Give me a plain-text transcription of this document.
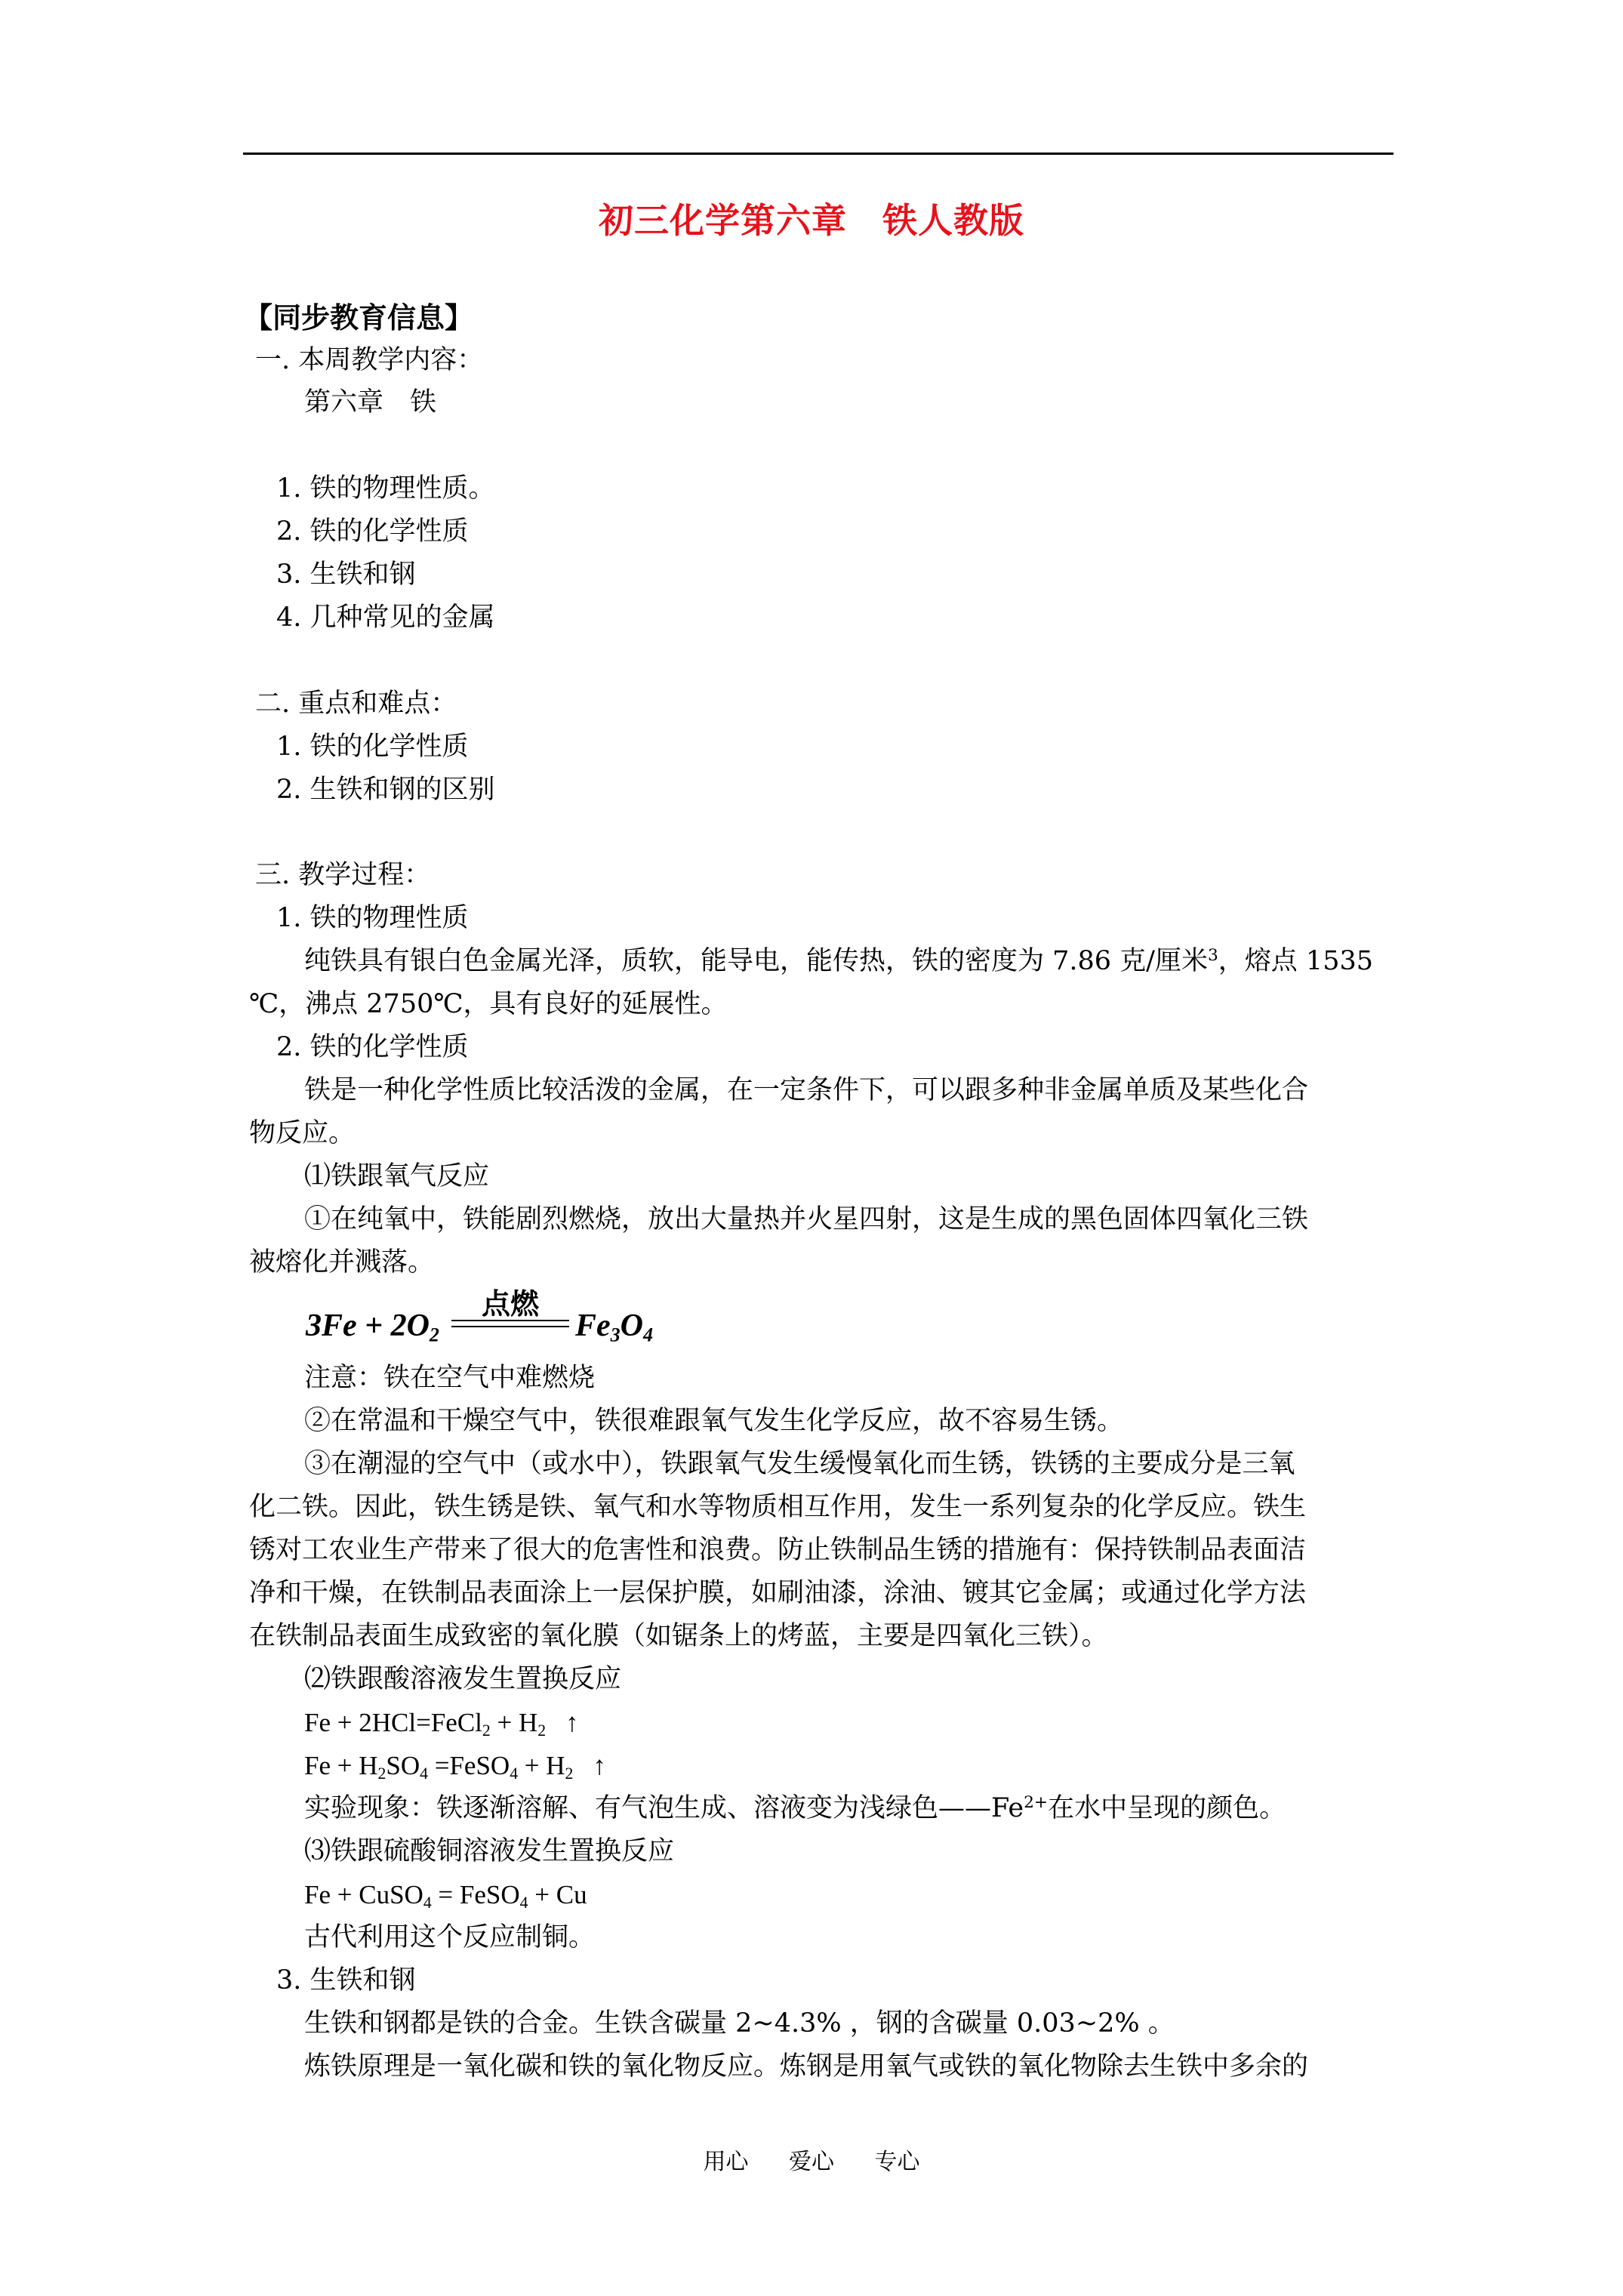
初三化学第六章　铁人教版
【同步教育信息】
一. 本周教学内容：
第六章　铁
1. 铁的物理性质。
2. 铁的化学性质
3. 生铁和钢
4. 几种常见的金属
二. 重点和难点：
1. 铁的化学性质
2. 生铁和钢的区别
三. 教学过程：
1. 铁的物理性质
纯铁具有银白色金属光泽，质软，能导电，能传热，铁的密度为 7.86 克/厘米$^3$，熔点 1535
℃，沸点 2750℃，具有良好的延展性。
2. 铁的化学性质
铁是一种化学性质比较活泼的金属，在一定条件下，可以跟多种非金属单质及某些化合
物反应。
⑴铁跟氧气反应
①在纯氧中，铁能剧烈燃烧，放出大量热并火星四射，这是生成的黑色固体四氧化三铁
被熔化并溅落。
$3Fe + 2O_2$
点燃
$Fe_3O_4$
注意：铁在空气中难燃烧
②在常温和干燥空气中，铁很难跟氧气发生化学反应，故不容易生锈。
③在潮湿的空气中（或水中），铁跟氧气发生缓慢氧化而生锈，铁锈的主要成分是三氧
化二铁。因此，铁生锈是铁、氧气和水等物质相互作用，发生一系列复杂的化学反应。铁生
锈对工农业生产带来了很大的危害性和浪费。防止铁制品生锈的措施有：保持铁制品表面洁
净和干燥，在铁制品表面涂上一层保护膜，如刷油漆，涂油、镀其它金属；或通过化学方法
在铁制品表面生成致密的氧化膜（如锯条上的烤蓝，主要是四氧化三铁）。
⑵铁跟酸溶液发生置换反应
Fe + 2HCl=FeCl$_2$ + $H_2$ ↑
$Fe + H_2SO_4$ =FeSO$_4$ + $H_2$ ↑
实验现象：铁逐渐溶解、有气泡生成、溶液变为浅绿色$——Fe^{2+}$在水中呈现的颜色。
⑶铁跟硫酸铜溶液发生置换反应
Fe + CuSO$_4$ = FeSO$_4$ + Cu
古代利用这个反应制铜。
3. 生铁和钢
生铁和钢都是铁的合金。生铁含碳量 2~4.3% ，钢的含碳量 0.03~2% 。
炼铁原理是一氧化碳和铁的氧化物反应。炼钢是用氧气或铁的氧化物除去生铁中多余的
用心 爱心 专心
